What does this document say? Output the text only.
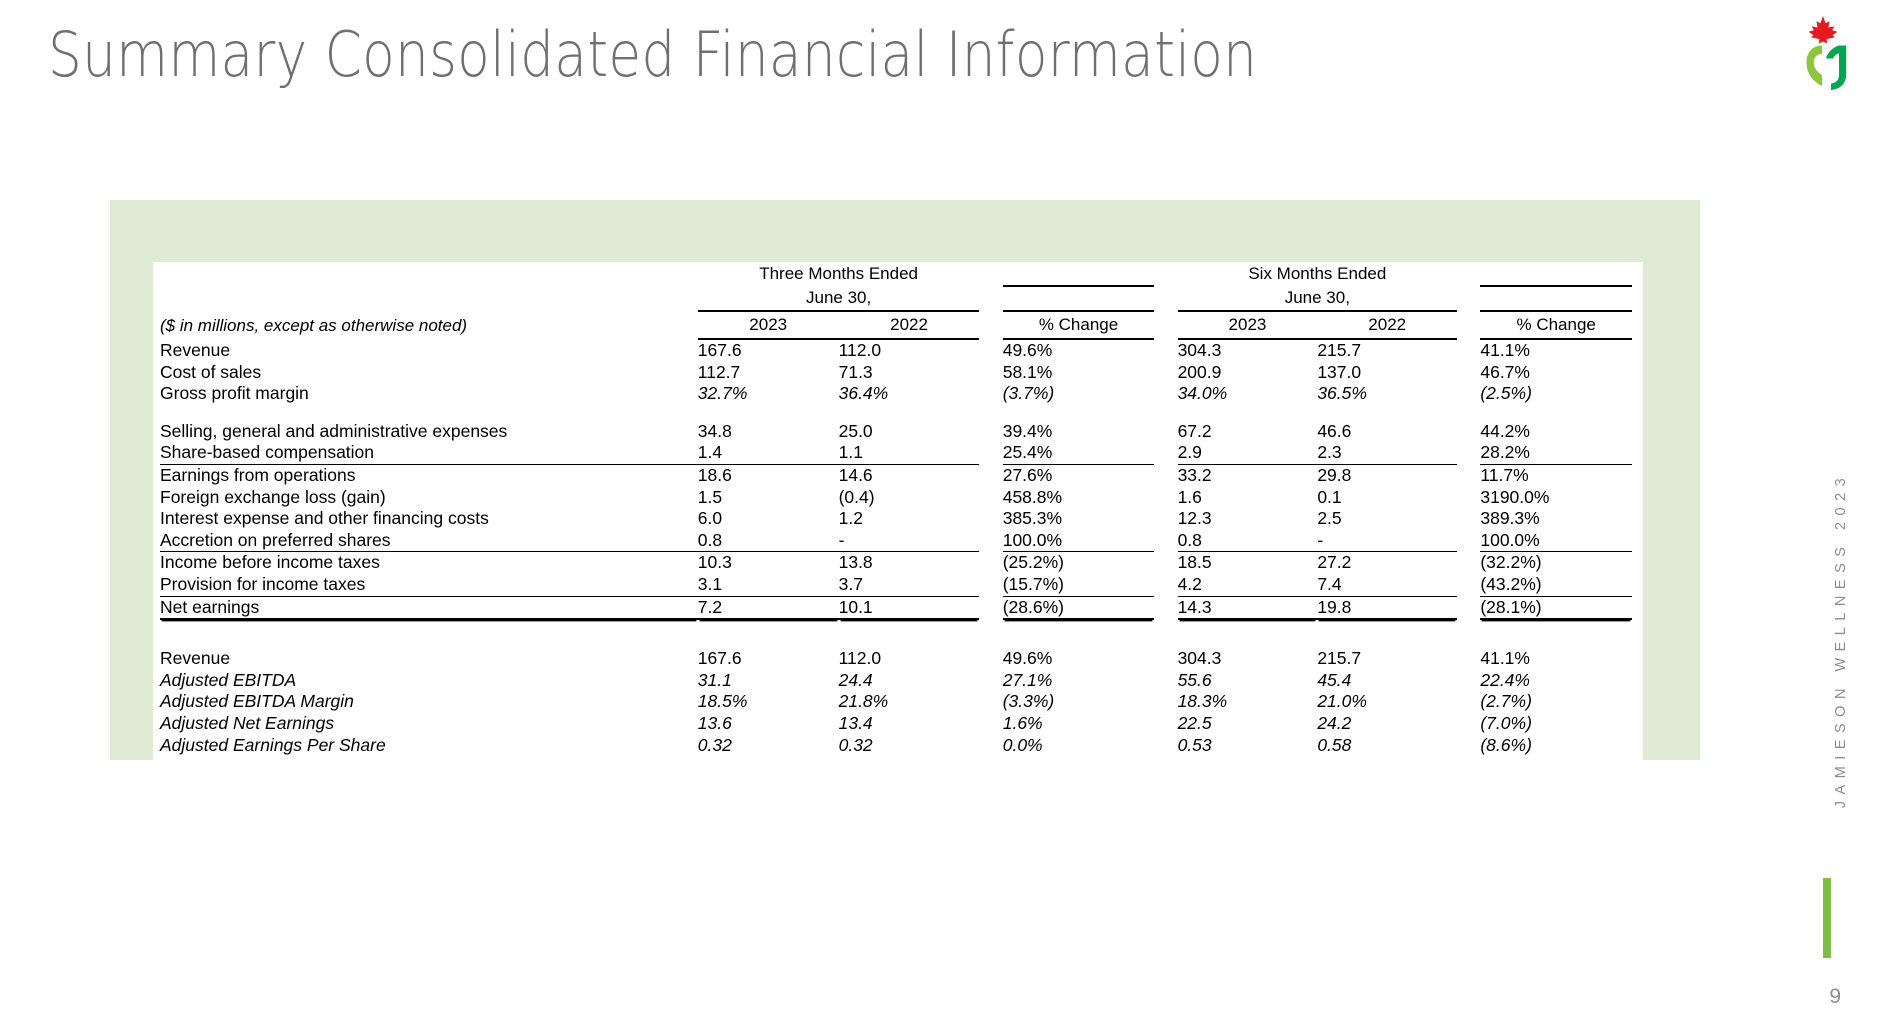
Summary Consolidated Financial Information
	Three Months Ended					Six Months Ended			
	June 30,					June 30,			
($ in millions, except as otherwise noted)	2023	2022		% Change		2023	2022		% Change
Revenue	167.6	112.0		49.6%		304.3	215.7		41.1%
Cost of sales	112.7	71.3		58.1%		200.9	137.0		46.7%
Gross profit margin	32.7%	36.4%		(3.7%)		34.0%	36.5%		(2.5%)

Selling, general and administrative expenses	34.8	25.0		39.4%		67.2	46.6		44.2%
Share-based compensation	1.4	1.1		25.4%		2.9	2.3		28.2%
Earnings from operations	18.6	14.6		27.6%		33.2	29.8		11.7%
Foreign exchange loss (gain)	1.5	(0.4)		458.8%		1.6	0.1		3190.0%
Interest expense and other financing costs	6.0	1.2		385.3%		12.3	2.5		389.3%
Accretion on preferred shares	0.8	-		100.0%		0.8	-		100.0%
Income before income taxes	10.3	13.8		(25.2%)		18.5	27.2		(32.2%)
Provision for income taxes	3.1	3.7		(15.7%)		4.2	7.4		(43.2%)
Net earnings	7.2	10.1		(28.6%)		14.3	19.8		(28.1%)

Revenue	167.6	112.0		49.6%		304.3	215.7		41.1%
Adjusted EBITDA	31.1	24.4		27.1%		55.6	45.4		22.4%
Adjusted EBITDA Margin	18.5%	21.8%		(3.3%)		18.3%	21.0%		(2.7%)
Adjusted Net Earnings	13.6	13.4		1.6%		22.5	24.2		(7.0%)
Adjusted Earnings Per Share	0.32	0.32		0.0%		0.53	0.58		(8.6%)	JAMIESON WELLNESS 2023
9
